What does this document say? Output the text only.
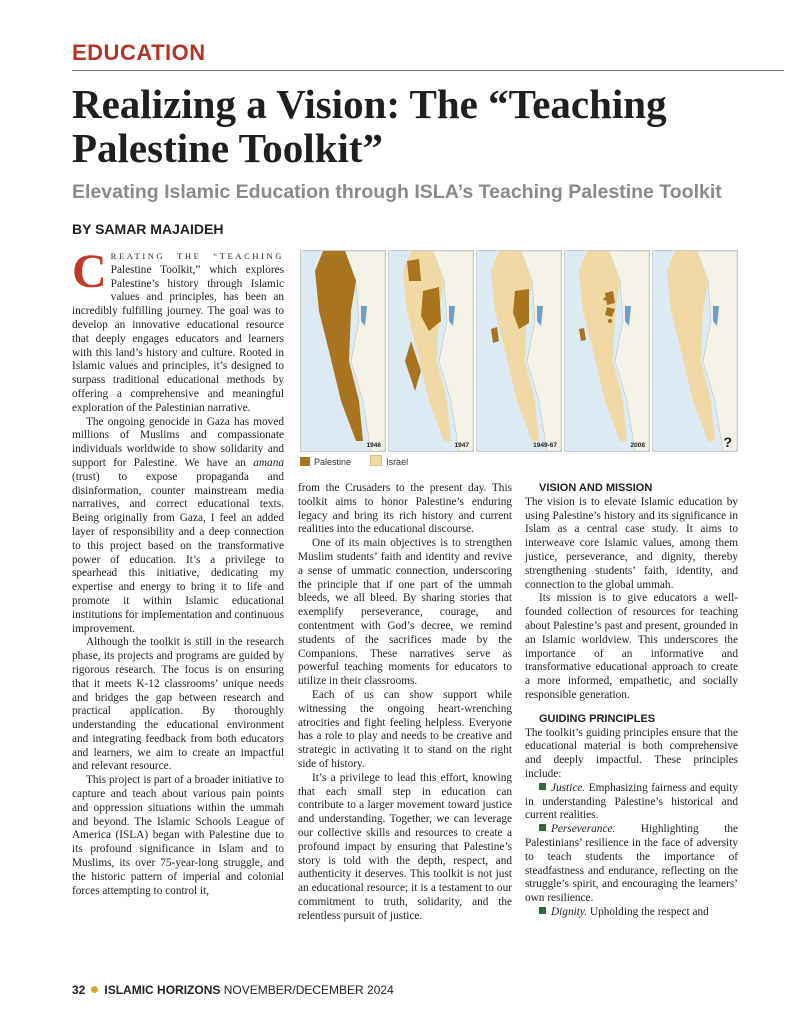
EDUCATION
Realizing a Vision: The “Teaching Palestine Toolkit”
Elevating Islamic Education through ISLA’s Teaching Palestine Toolkit
BY SAMAR MAJAIDEH

CREATING THE “TEACHING Palestine Toolkit,” which explores Palestine’s history through Islamic values and principles, has been an incredibly fulfilling journey. The goal was to develop an innovative educational resource that deeply engages educators and learners with this land’s history and culture. Rooted in Islamic values and principles, it’s designed to surpass traditional educational methods by offering a comprehensive and meaningful exploration of the Palestinian narrative.

The ongoing genocide in Gaza has moved millions of Muslims and compassionate individuals worldwide to show solidarity and support for Palestine. We have an amana (trust) to expose propaganda and disinformation, counter mainstream media narratives, and correct educational texts. Being originally from Gaza, I feel an added layer of responsibility and a deep connection to this project based on the transformative power of education. It’s a privilege to spearhead this initiative, dedicating my expertise and energy to bring it to life and promote it within Islamic educational institutions for implementation and continuous improvement.

Although the toolkit is still in the research phase, its projects and programs are guided by rigorous research. The focus is on ensuring that it meets K-12 classrooms’ unique needs and bridges the gap between research and practical application. By thoroughly understanding the educational environment and integrating feedback from both educators and learners, we aim to create an impactful and relevant resource.

This project is part of a broader initiative to capture and teach about various pain points and oppression situations within the ummah and beyond. The Islamic Schools League of America (ISLA) began with Palestine due to its profound significance in Islam and to Muslims, its over 75-year-long struggle, and the historic pattern of imperial and colonial forces attempting to control it,

1946	1947	1949-67	2008	?
Palestine	Israel

from the Crusaders to the present day. This toolkit aims to honor Palestine’s enduring legacy and bring its rich history and current realities into the educational discourse.

One of its main objectives is to strengthen Muslim students’ faith and identity and revive a sense of ummatic connection, underscoring the principle that if one part of the ummah bleeds, we all bleed. By sharing stories that exemplify perseverance, courage, and contentment with God’s decree, we remind students of the sacrifices made by the Companions. These narratives serve as powerful teaching moments for educators to utilize in their classrooms.

Each of us can show support while witnessing the ongoing heart-wrenching atrocities and fight feeling helpless. Everyone has a role to play and needs to be creative and strategic in activating it to stand on the right side of history.

It’s a privilege to lead this effort, knowing that each small step in education can contribute to a larger movement toward justice and understanding. Together, we can leverage our collective skills and resources to create a profound impact by ensuring that Palestine’s story is told with the depth, respect, and authenticity it deserves. This toolkit is not just an educational resource; it is a testament to our commitment to truth, solidarity, and the relentless pursuit of justice.

VISION AND MISSION

The vision is to elevate Islamic education by using Palestine’s history and its significance in Islam as a central case study. It aims to interweave core Islamic values, among them justice, perseverance, and dignity, thereby strengthening students’ faith, identity, and connection to the global ummah.

Its mission is to give educators a well-founded collection of resources for teaching about Palestine’s past and present, grounded in an Islamic worldview. This underscores the importance of an informative and transformative educational approach to create a more informed, empathetic, and socially responsible generation.

GUIDING PRINCIPLES

The toolkit’s guiding principles ensure that the educational material is both comprehensive and deeply impactful. These principles include:

Justice. Emphasizing fairness and equity in understanding Palestine’s historical and current realities.

Perseverance. Highlighting the Palestinians’ resilience in the face of adversity to teach students the importance of steadfastness and endurance, reflecting on the struggle’s spirit, and encouraging the learners’ own resilience.

Dignity. Upholding the respect and

32 ISLAMIC HORIZONS NOVEMBER/DECEMBER 2024
